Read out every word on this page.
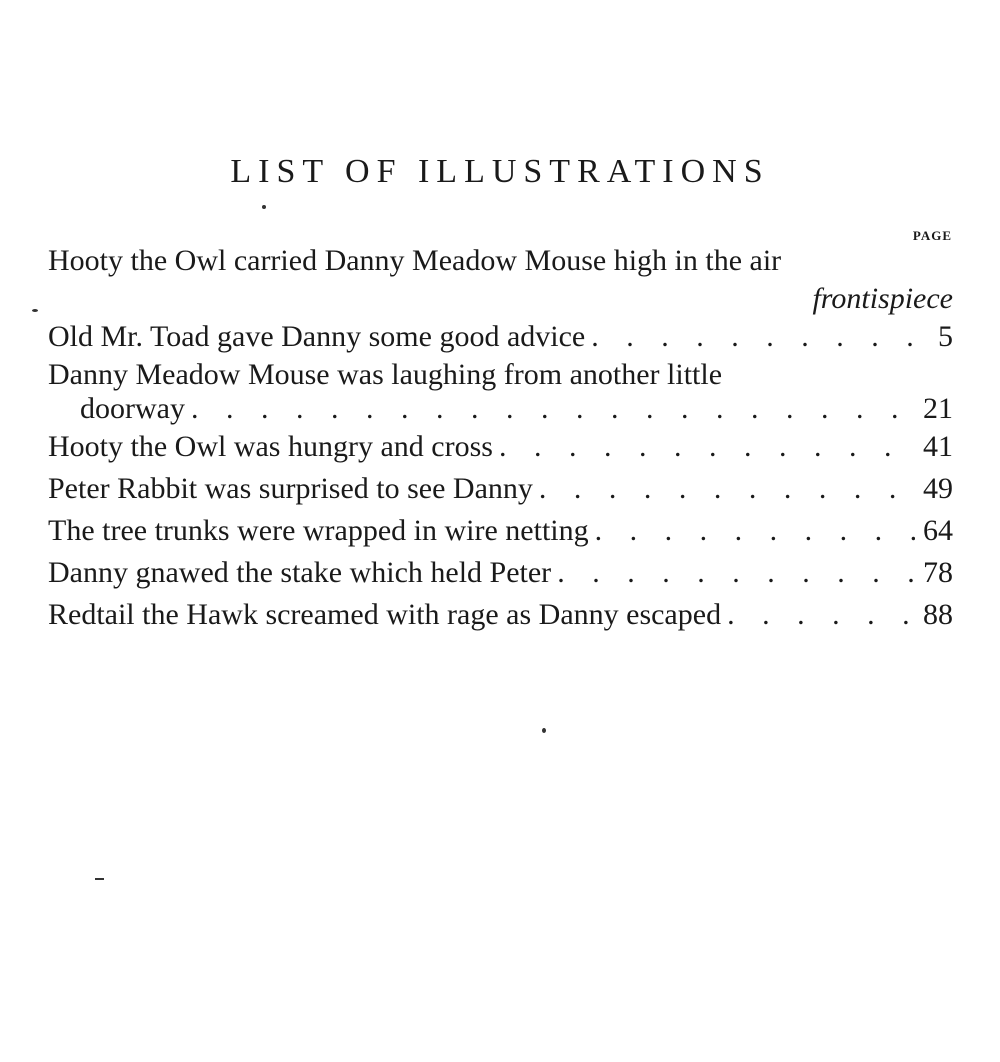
LIST OF ILLUSTRATIONS
PAGE
Hooty the Owl carried Danny Meadow Mouse high in the air
frontispiece
Old Mr. Toad gave Danny some good advice . . .	5
Danny Meadow Mouse was laughing from another little
doorway . . .	21
Hooty the Owl was hungry and cross . . .	41
Peter Rabbit was surprised to see Danny . . .	49
The tree trunks were wrapped in wire netting . . .	64
Danny gnawed the stake which held Peter . . .	78
Redtail the Hawk screamed with rage as Danny escaped . . .	88
